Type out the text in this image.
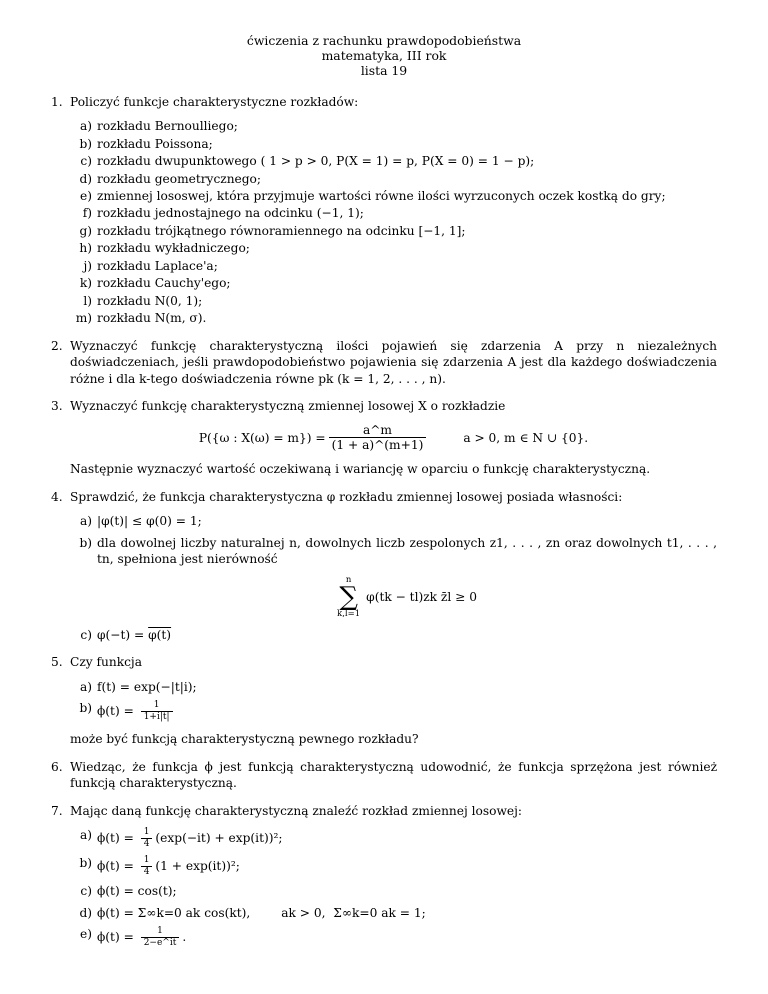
ćwiczenia z rachunku prawdopodobieństwa
matematyka, III rok
lista 19
1. Policzyć funkcje charakterystyczne rozkładów:
a) rozkładu Bernoulliego;
b) rozkładu Poissona;
c) rozkładu dwupunktowego ( 1 > p > 0, P(X = 1) = p, P(X = 0) = 1 − p);
d) rozkładu geometrycznego;
e) zmiennej lososwej, która przyjmuje wartości równe ilości wyrzuconych oczek kostką do gry;
f) rozkładu jednostajnego na odcinku (−1, 1);
g) rozkładu trójkątnego równoramiennego na odcinku [−1, 1];
h) rozkładu wykładniczego;
j) rozkładu Laplace'a;
k) rozkładu Cauchy'ego;
l) rozkładu N(0, 1);
m) rozkładu N(m, σ).
2. Wyznaczyć funkcję charakterystyczną ilości pojawień się zdarzenia A przy n niezależnych doświadczeniach, jeśli prawdopodobieństwo pojawienia się zdarzenia A jest dla każdego doświadczenia różne i dla k-tego doświadczenia równe pk (k = 1, 2, . . . , n).
3. Wyznaczyć funkcję charakterystyczną zmiennej losowej X o rozkładzie
P({ω : $X(\omega) = m\}) = \frac{a\^{}m}{(1 + a)\^{}(m+1)}$	a > 0, m ∈ N ∪ {0}.
Następnie wyznaczyć wartość oczekiwaną i wariancję w oparciu o funkcję charakterystyczną.
4. Sprawdzić, że funkcja charakterystyczna φ rozkładu zmiennej losowej posiada własności:
a) |φ(t)| ≤ φ(0) = 1;
b) dla dowolnej liczby naturalnej n, dowolnych liczb zespolonych z1, . . . , zn oraz dowolnych t1, . . . , tn, spełniona jest nierówność
n
∑
k,l=1
φ(tk − tl)zk z̄l ≥ 0
c) φ(−t) = φ(t)
5. Czy funkcja
a) f(t) = exp(−|t|i);
b) $\phi(t) = \frac{1}{1+i|t|}$
może być funkcją charakterystyczną pewnego rozkładu?
6. Wiedząc, że funkcja ϕ jest funkcją charakterystyczną udowodnić, że funkcja sprzężona jest również funkcją charakterystyczną.
7. Mając daną funkcję charakterystyczną znaleźć rozkład zmiennej losowej:
a) $\phi(t) = \frac{1}{4} (\exp(-it) + \exp(it))^2$;
b) $\phi(t) = \frac{1}{4} (1 + \exp(it))^2$;
c) ϕ(t) = cos(t);
d) ϕ(t) = Σ∞k=0 ak cos(kt),        ak > 0,  Σ∞k=0 ak = 1;
e) $\phi(t) = \frac{1}{2-e\^{}it}$ .
